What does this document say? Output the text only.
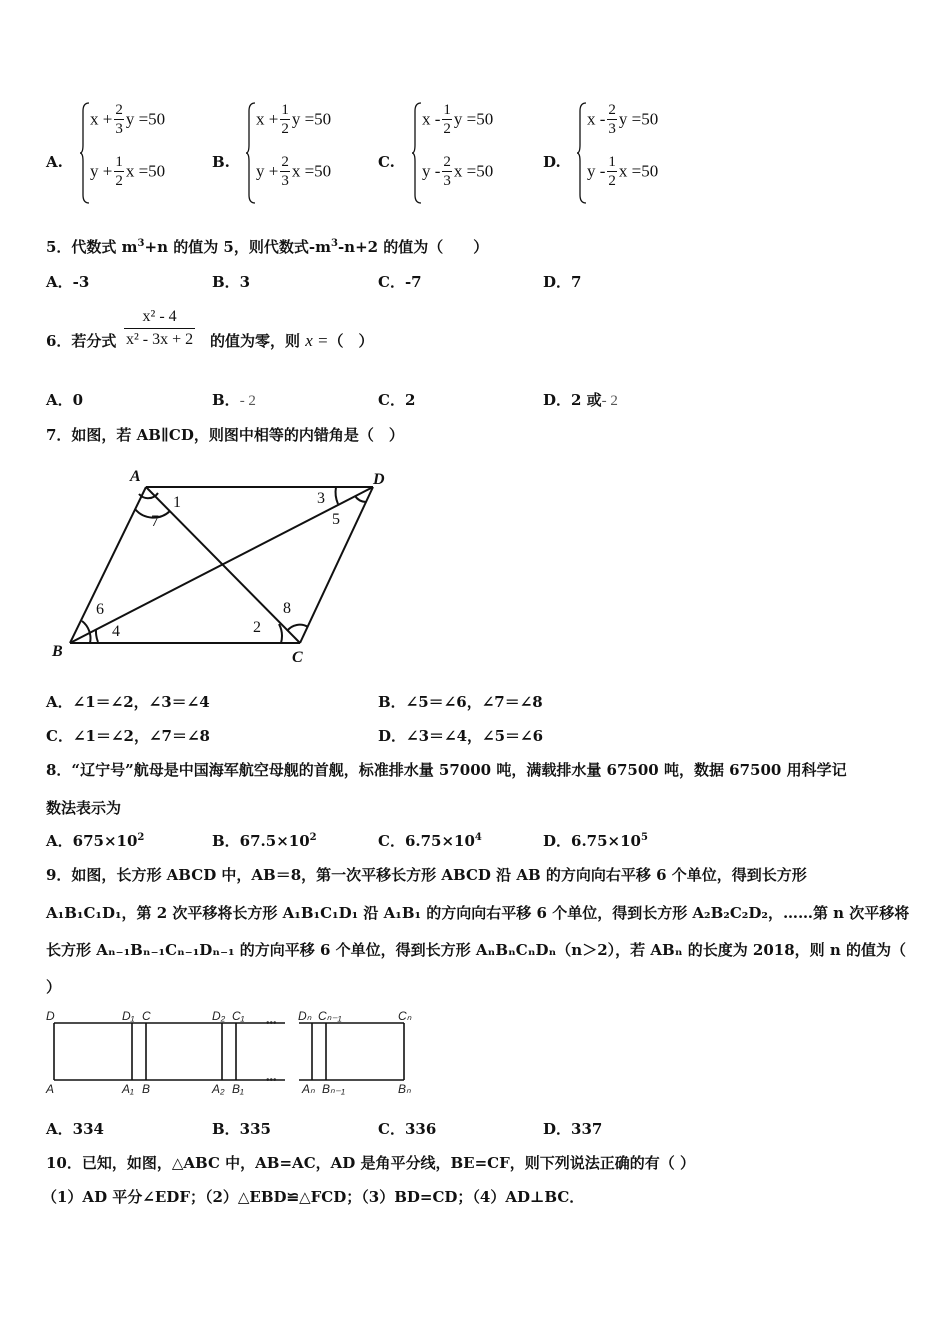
A.
$x + \frac{2}{3}$ y =50
$y + \frac{1}{2}$ x =50	B.
$x + \frac{1}{2}$ y =50
$y + \frac{2}{3}$ x =50	C.
x - $\frac{1}{2}$ y =50
y - $\frac{2}{3}$ x =50	D.
x - $\frac{2}{3}$ y =50
y - $\frac{1}{2}$ x =50
5．代数式 $m^3+n$ 的值为 5，则代数式$-m^3-n+2$ 的值为（　　）
A．-3	B．3	C．-7	D．7
6．若分式 $\frac{\text{x² - 4}}{\text{x² - 3x + 2}}$ 的值为零，则 x =（　）
A．0	B．- 2	C．2	D．2 或- 2
7．如图，若 AB∥CD，则图中相等的内错角是（　）
A
B	C
D
1
2
3
4
5
6
7
8
A．∠1＝∠2，∠3＝∠4	B．∠5＝∠6，∠7＝∠8
C．∠1＝∠2，∠7＝∠8	D．∠3＝∠4，∠5＝∠6
8．“辽宁号”航母是中国海军航空母舰的首舰，标准排水量 57000 吨，满载排水量 67500 吨，数据 67500 用科学记
数法表示为
A．$675\times 10^2$	B．$67.5\times 10^2$	C．$6.75\times 10^4$	D．$6.75\times 10^5$
9．如图，长方形 ABCD 中，AB＝8，第一次平移长方形 ABCD 沿 AB 的方向向右平移 6 个单位，得到长方形
A₁B₁C₁D₁，第 2 次平移将长方形 A₁B₁C₁D₁ 沿 A₁B₁ 的方向向右平移 6 个单位，得到长方形 A₂B₂C₂D₂，……第 n 次平移将
长方形 Aₙ₋₁Bₙ₋₁Cₙ₋₁Dₙ₋₁ 的方向平移 6 个单位，得到长方形 AₙBₙCₙDₙ（n＞2），若 ABₙ 的长度为 2018，则 n 的值为（
）
D	D₁ C	D₂ C₁	Dₙ Cₙ₋₁	Cₙ
A	A₁ B	A₂ B₁	Aₙ Bₙ₋₁	Bₙ
•••
•••
A．334	B．335	C．336	D．337
10．已知，如图，△ABC 中，AB=AC，AD 是角平分线，BE=CF，则下列说法正确的有（ ）
（1）AD 平分∠EDF；（2）△EBD≌△FCD；（3）BD=CD；（4）AD⊥BC．
